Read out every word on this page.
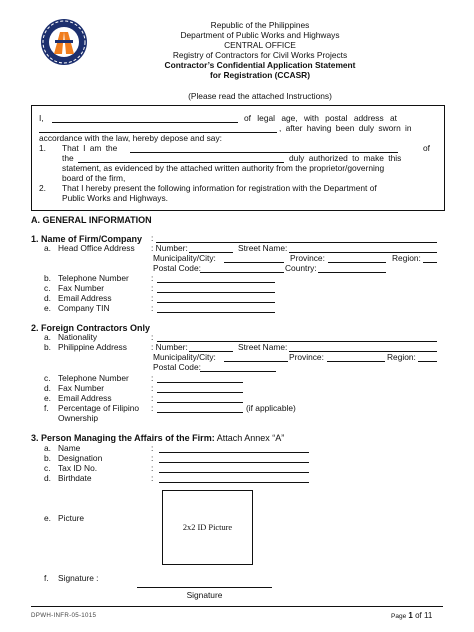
Republic of the Philippines
Department of Public Works and Highways
CENTRAL OFFICE
Registry of Contractors for Civil Works Projects
Contractor’s Confidential Application Statement
for Registration (CCASR)
(Please read the attached Instructions)
I,	of legal age, with postal address at
, after having been duly sworn in
accordance with the law, hereby depose and say:
1. That I am the	of
the	duly authorized to make this
statement, as evidenced by the attached written authority from the proprietor/governing
board of the firm,
2. That I hereby present the following information for registration with the Department of
Public Works and Highways.
A. GENERAL INFORMATION
1. Name of Firm/Company :
a. Head Office Address : Number:	Street Name:
Municipality/City:	Province:	Region:
Postal Code:	Country:
b. Telephone Number	:
c. Fax Number	:
d. Email Address	:
e. Company TIN	:
2. Foreign Contractors Only
a. Nationality	:
b. Philippine Address	: Number:	Street Name:
Municipality/City:	Province:	Region:
Postal Code:
c. Telephone Number	:
d. Fax Number	:
e. Email Address	:
f. Percentage of Filipino :	(if applicable)
Ownership
3. Person Managing the Affairs of the Firm: Attach Annex “A”
a. Name	:
b. Designation	:
c. Tax ID No.	:
d. Birthdate	:
e. Picture
2x2 ID Picture
f. Signature :
Signature
DPWH-INFR-05-1015	Page 1 of 11
